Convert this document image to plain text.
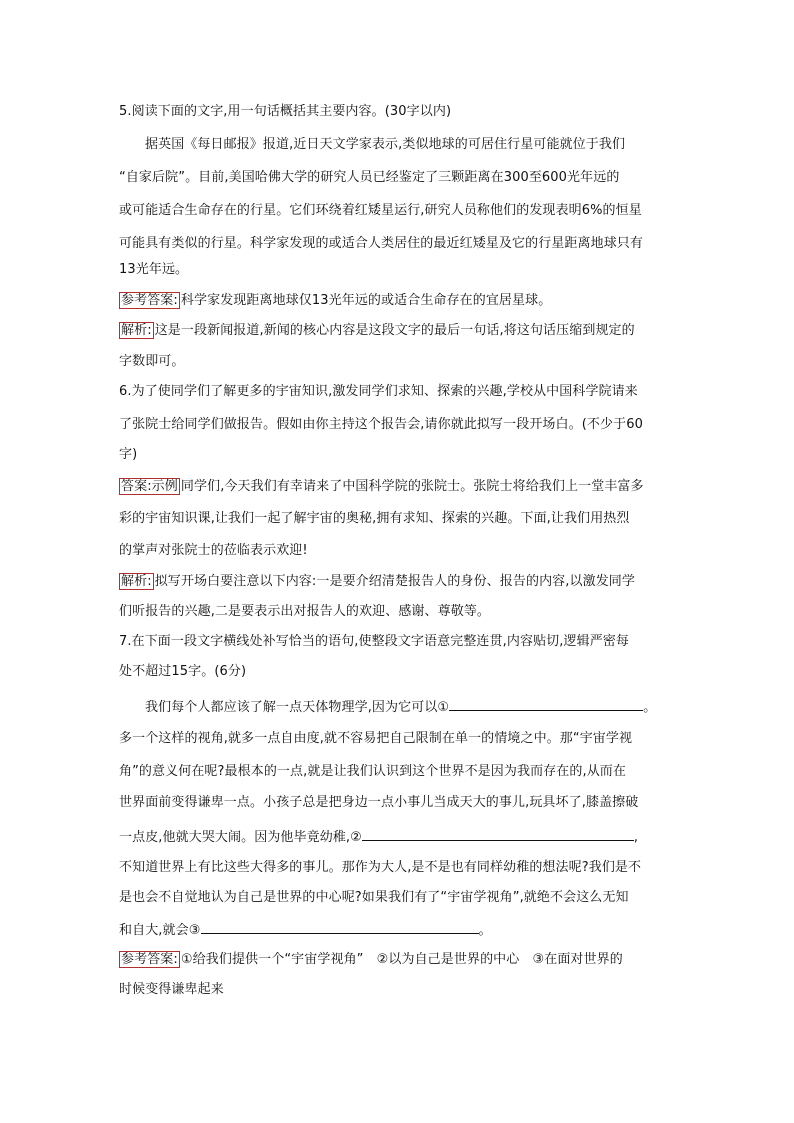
5.阅读下面的文字,用一句话概括其主要内容。(30字以内)
据英国《每日邮报》报道,近日天文学家表示,类似地球的可居住行星可能就位于我们
“自家后院”。目前,美国哈佛大学的研究人员已经鉴定了三颗距离在300至600光年远的
或可能适合生命存在的行星。它们环绕着红矮星运行,研究人员称他们的发现表明6%的恒星
可能具有类似的行星。科学家发现的或适合人类居住的最近红矮星及它的行星距离地球只有
13光年远。
参考答案: 科学家发现距离地球仅13光年远的或适合生命存在的宜居星球。
解析: 这是一段新闻报道,新闻的核心内容是这段文字的最后一句话,将这句话压缩到规定的
字数即可。
6.为了使同学们了解更多的宇宙知识,激发同学们求知、探索的兴趣,学校从中国科学院请来
了张院士给同学们做报告。假如由你主持这个报告会,请你就此拟写一段开场白。(不少于60
字)
答案:示例 同学们,今天我们有幸请来了中国科学院的张院士。张院士将给我们上一堂丰富多
彩的宇宙知识课,让我们一起了解宇宙的奥秘,拥有求知、探索的兴趣。下面,让我们用热烈
的掌声对张院士的莅临表示欢迎!
解析: 拟写开场白要注意以下内容:一是要介绍清楚报告人的身份、报告的内容,以激发同学
们听报告的兴趣,二是要表示出对报告人的欢迎、感谢、尊敬等。
7.在下面一段文字横线处补写恰当的语句,使整段文字语意完整连贯,内容贴切,逻辑严密每
处不超过15字。(6分)
我们每个人都应该了解一点天体物理学,因为它可以①	。
多一个这样的视角,就多一点自由度,就不容易把自己限制在单一的情境之中。那“宇宙学视
角”的意义何在呢?最根本的一点,就是让我们认识到这个世界不是因为我而存在的,从而在
世界面前变得谦卑一点。小孩子总是把身边一点小事儿当成天大的事儿,玩具坏了,膝盖擦破
一点皮,他就大哭大闹。因为他毕竟幼稚,②	,
不知道世界上有比这些大得多的事儿。那作为大人,是不是也有同样幼稚的想法呢?我们是不
是也会不自觉地认为自己是世界的中心呢?如果我们有了“宇宙学视角”,就绝不会这么无知
和自大,就会③	。
参考答案: ①给我们提供一个“宇宙学视角”　②以为自己是世界的中心　③在面对世界的
时候变得谦卑起来
